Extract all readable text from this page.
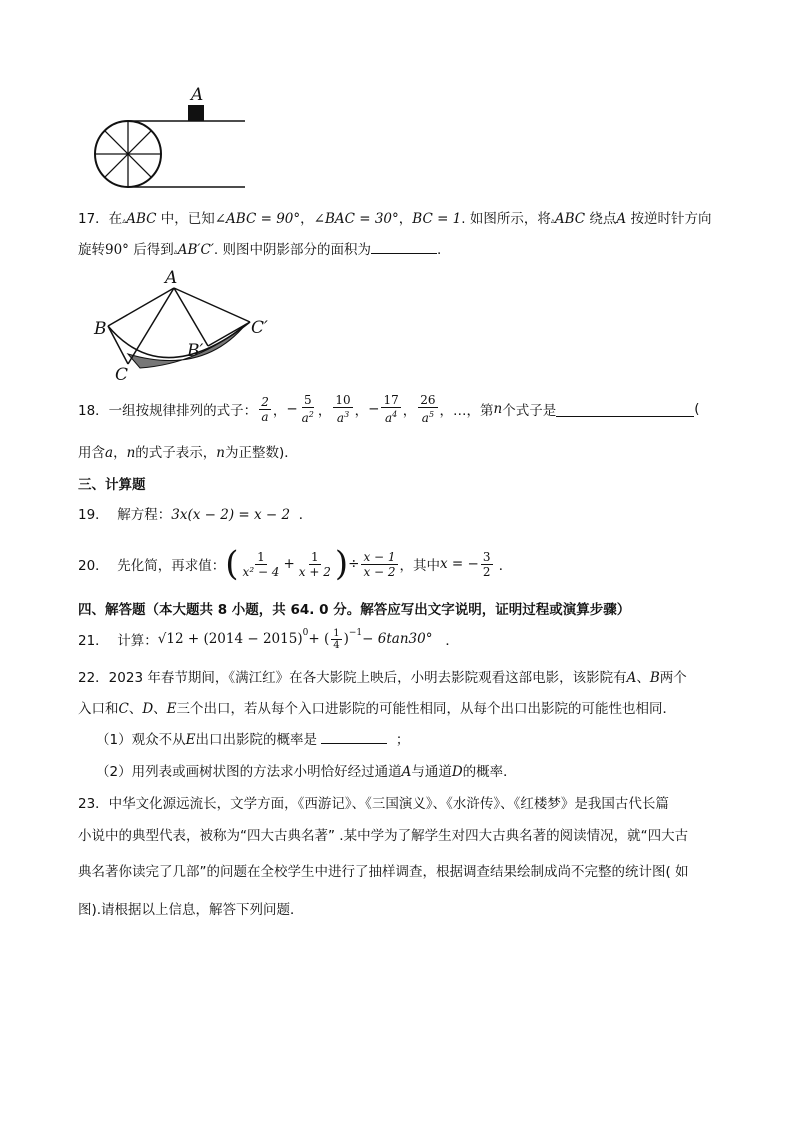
A
17．在▵ABC 中，已知∠ABC = 90°，∠BAC = 30°，BC = 1. 如图所示，将▵ABC 绕点A 按逆时针方向
旋转90° 后得到▵AB′C′. 则图中阴影部分的面积为	.
A
B
C
B′
C′
18．一组按规律排列的式子： $\frac{2}{a}$ ， − $\frac{5}{a^2}$ ， $\frac{10}{a^3}$ ， − $\frac{17}{a^4}$ ， $\frac{26}{a^5}$ ，…，第 n 个式子是	(
用含a，n的式子表示，n为正整数)．
三、计算题
19． 解方程：3x(x − 2) = x − 2 ．
20．
先化简，再求值： ( $\frac{1}{\text{x² − 4}} + \frac{1}{x + 2}$ ) ÷ $\frac{x - 1}{x - 2}$ ，其中 x = − $\frac{3}{2}$
．
四、解答题（本大题共 8 小题，共 64. 0 分。解答应写出文字说明，证明过程或演算步骤）
21．
计算： $√12 + (2014 - 2015)^0$ + ( $\frac{1}{4} )^{-1} - 6\tan 30^\circ$
．
22．2023 年春节期间，《满江红》在各大影院上映后，小明去影院观看这部电影，该影院有A、B两个
入口和C、D、E三个出口，若从每个入口进影院的可能性相同，从每个出口出影院的可能性也相同．
（1）观众不从E出口出影院的概率是	；
（2）用列表或画树状图的方法求小明恰好经过通道A与通道D的概率．
23．中华文化源远流长，文学方面，《西游记》、《三国演义》、《水浒传》、《红楼梦》是我国古代长篇
小说中的典型代表，被称为“四大古典名著” .某中学为了解学生对四大古典名著的阅读情况，就“四大古
典名著你读完了几部”的问题在全校学生中进行了抽样调查，根据调查结果绘制成尚不完整的统计图( 如
图).请根据以上信息，解答下列问题．
